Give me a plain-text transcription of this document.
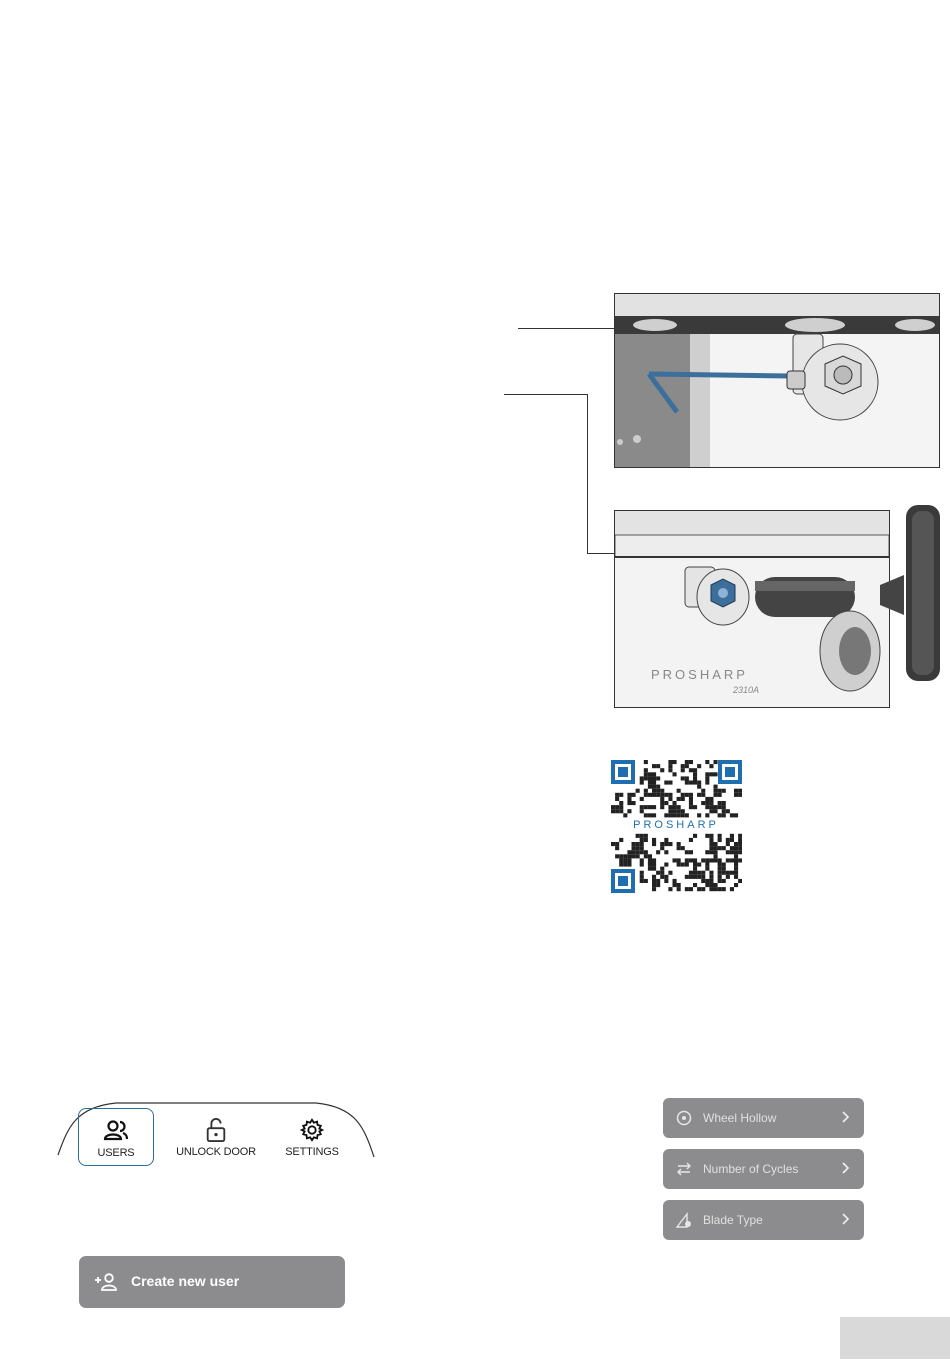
PROSHARP
2310A
PROSHARP
USERS	UNLOCK DOOR	SETTINGS
Wheel Hollow
Number of Cycles
Blade Type
Create new user
